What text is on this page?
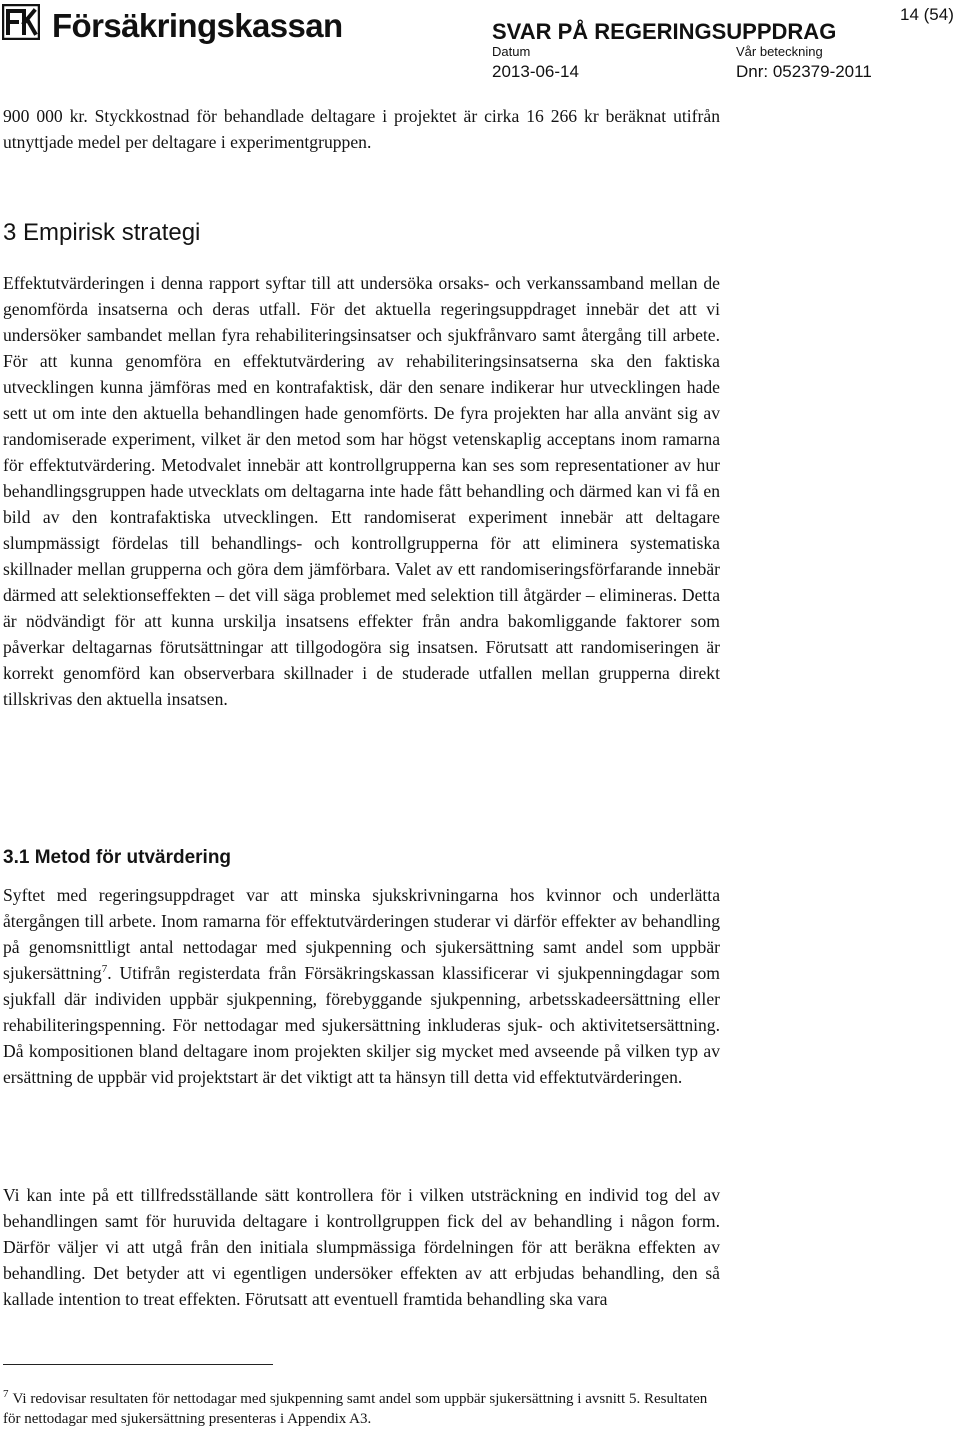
Försäkringskassan	SVAR PÅ REGERINGSUPPDRAG
14 (54)
Datum
2013-06-14
Vår beteckning
Dnr: 052379-2011

900 000 kr. Styckkostnad för behandlade deltagare i projektet är cirka 16 266 kr beräknat utifrån utnyttjade medel per deltagare i experimentgruppen.

3 Empirisk strategi

Effektutvärderingen i denna rapport syftar till att undersöka orsaks- och verkanssamband mellan de genomförda insatserna och deras utfall. För det aktuella regeringsuppdraget innebär det att vi undersöker sambandet mellan fyra rehabiliteringsinsatser och sjukfrånvaro samt återgång till arbete. För att kunna genomföra en effektutvärdering av rehabiliteringsinsatserna ska den faktiska utvecklingen kunna jämföras med en kontrafaktisk, där den senare indikerar hur utvecklingen hade sett ut om inte den aktuella behandlingen hade genomförts. De fyra projekten har alla använt sig av randomiserade experiment, vilket är den metod som har högst vetenskaplig acceptans inom ramarna för effektutvärdering. Metodvalet innebär att kontrollgrupperna kan ses som representationer av hur behandlingsgruppen hade utvecklats om deltagarna inte hade fått behandling och därmed kan vi få en bild av den kontrafaktiska utvecklingen. Ett randomiserat experiment innebär att deltagare slumpmässigt fördelas till behandlings- och kontrollgrupperna för att eliminera systematiska skillnader mellan grupperna och göra dem jämförbara. Valet av ett randomiseringsförfarande innebär därmed att selektionseffekten – det vill säga problemet med selektion till åtgärder – elimineras. Detta är nödvändigt för att kunna urskilja insatsens effekter från andra bakomliggande faktorer som påverkar deltagarnas förutsättningar att tillgodogöra sig insatsen. Förutsatt att randomiseringen är korrekt genomförd kan observerbara skillnader i de studerade utfallen mellan grupperna direkt tillskrivas den aktuella insatsen.

3.1 Metod för utvärdering

Syftet med regeringsuppdraget var att minska sjukskrivningarna hos kvinnor och underlätta återgången till arbete. Inom ramarna för effektutvärderingen studerar vi därför effekter av behandling på genomsnittligt antal nettodagar med sjukpenning och sjukersättning samt andel som uppbär sjukersättning$^7$. Utifrån registerdata från Försäkringskassan klassificerar vi sjukpenningdagar som sjukfall där individen uppbär sjukpenning, förebyggande sjukpenning, arbetsskadeersättning eller rehabiliteringspenning. För nettodagar med sjukersättning inkluderas sjuk- och aktivitetsersättning. Då kompositionen bland deltagare inom projekten skiljer sig mycket med avseende på vilken typ av ersättning de uppbär vid projektstart är det viktigt att ta hänsyn till detta vid effektutvärderingen.

Vi kan inte på ett tillfredsställande sätt kontrollera för i vilken utsträckning en individ tog del av behandlingen samt för huruvida deltagare i kontrollgruppen fick del av behandling i någon form. Därför väljer vi att utgå från den initiala slumpmässiga fördelningen för att beräkna effekten av behandling. Det betyder att vi egentligen undersöker effekten av att erbjudas behandling, den så kallade intention to treat effekten. Förutsatt att eventuell framtida behandling ska vara

$^7$ Vi redovisar resultaten för nettodagar med sjukpenning samt andel som uppbär sjukersättning i avsnitt 5. Resultaten för nettodagar med sjukersättning presenteras i Appendix A3.
